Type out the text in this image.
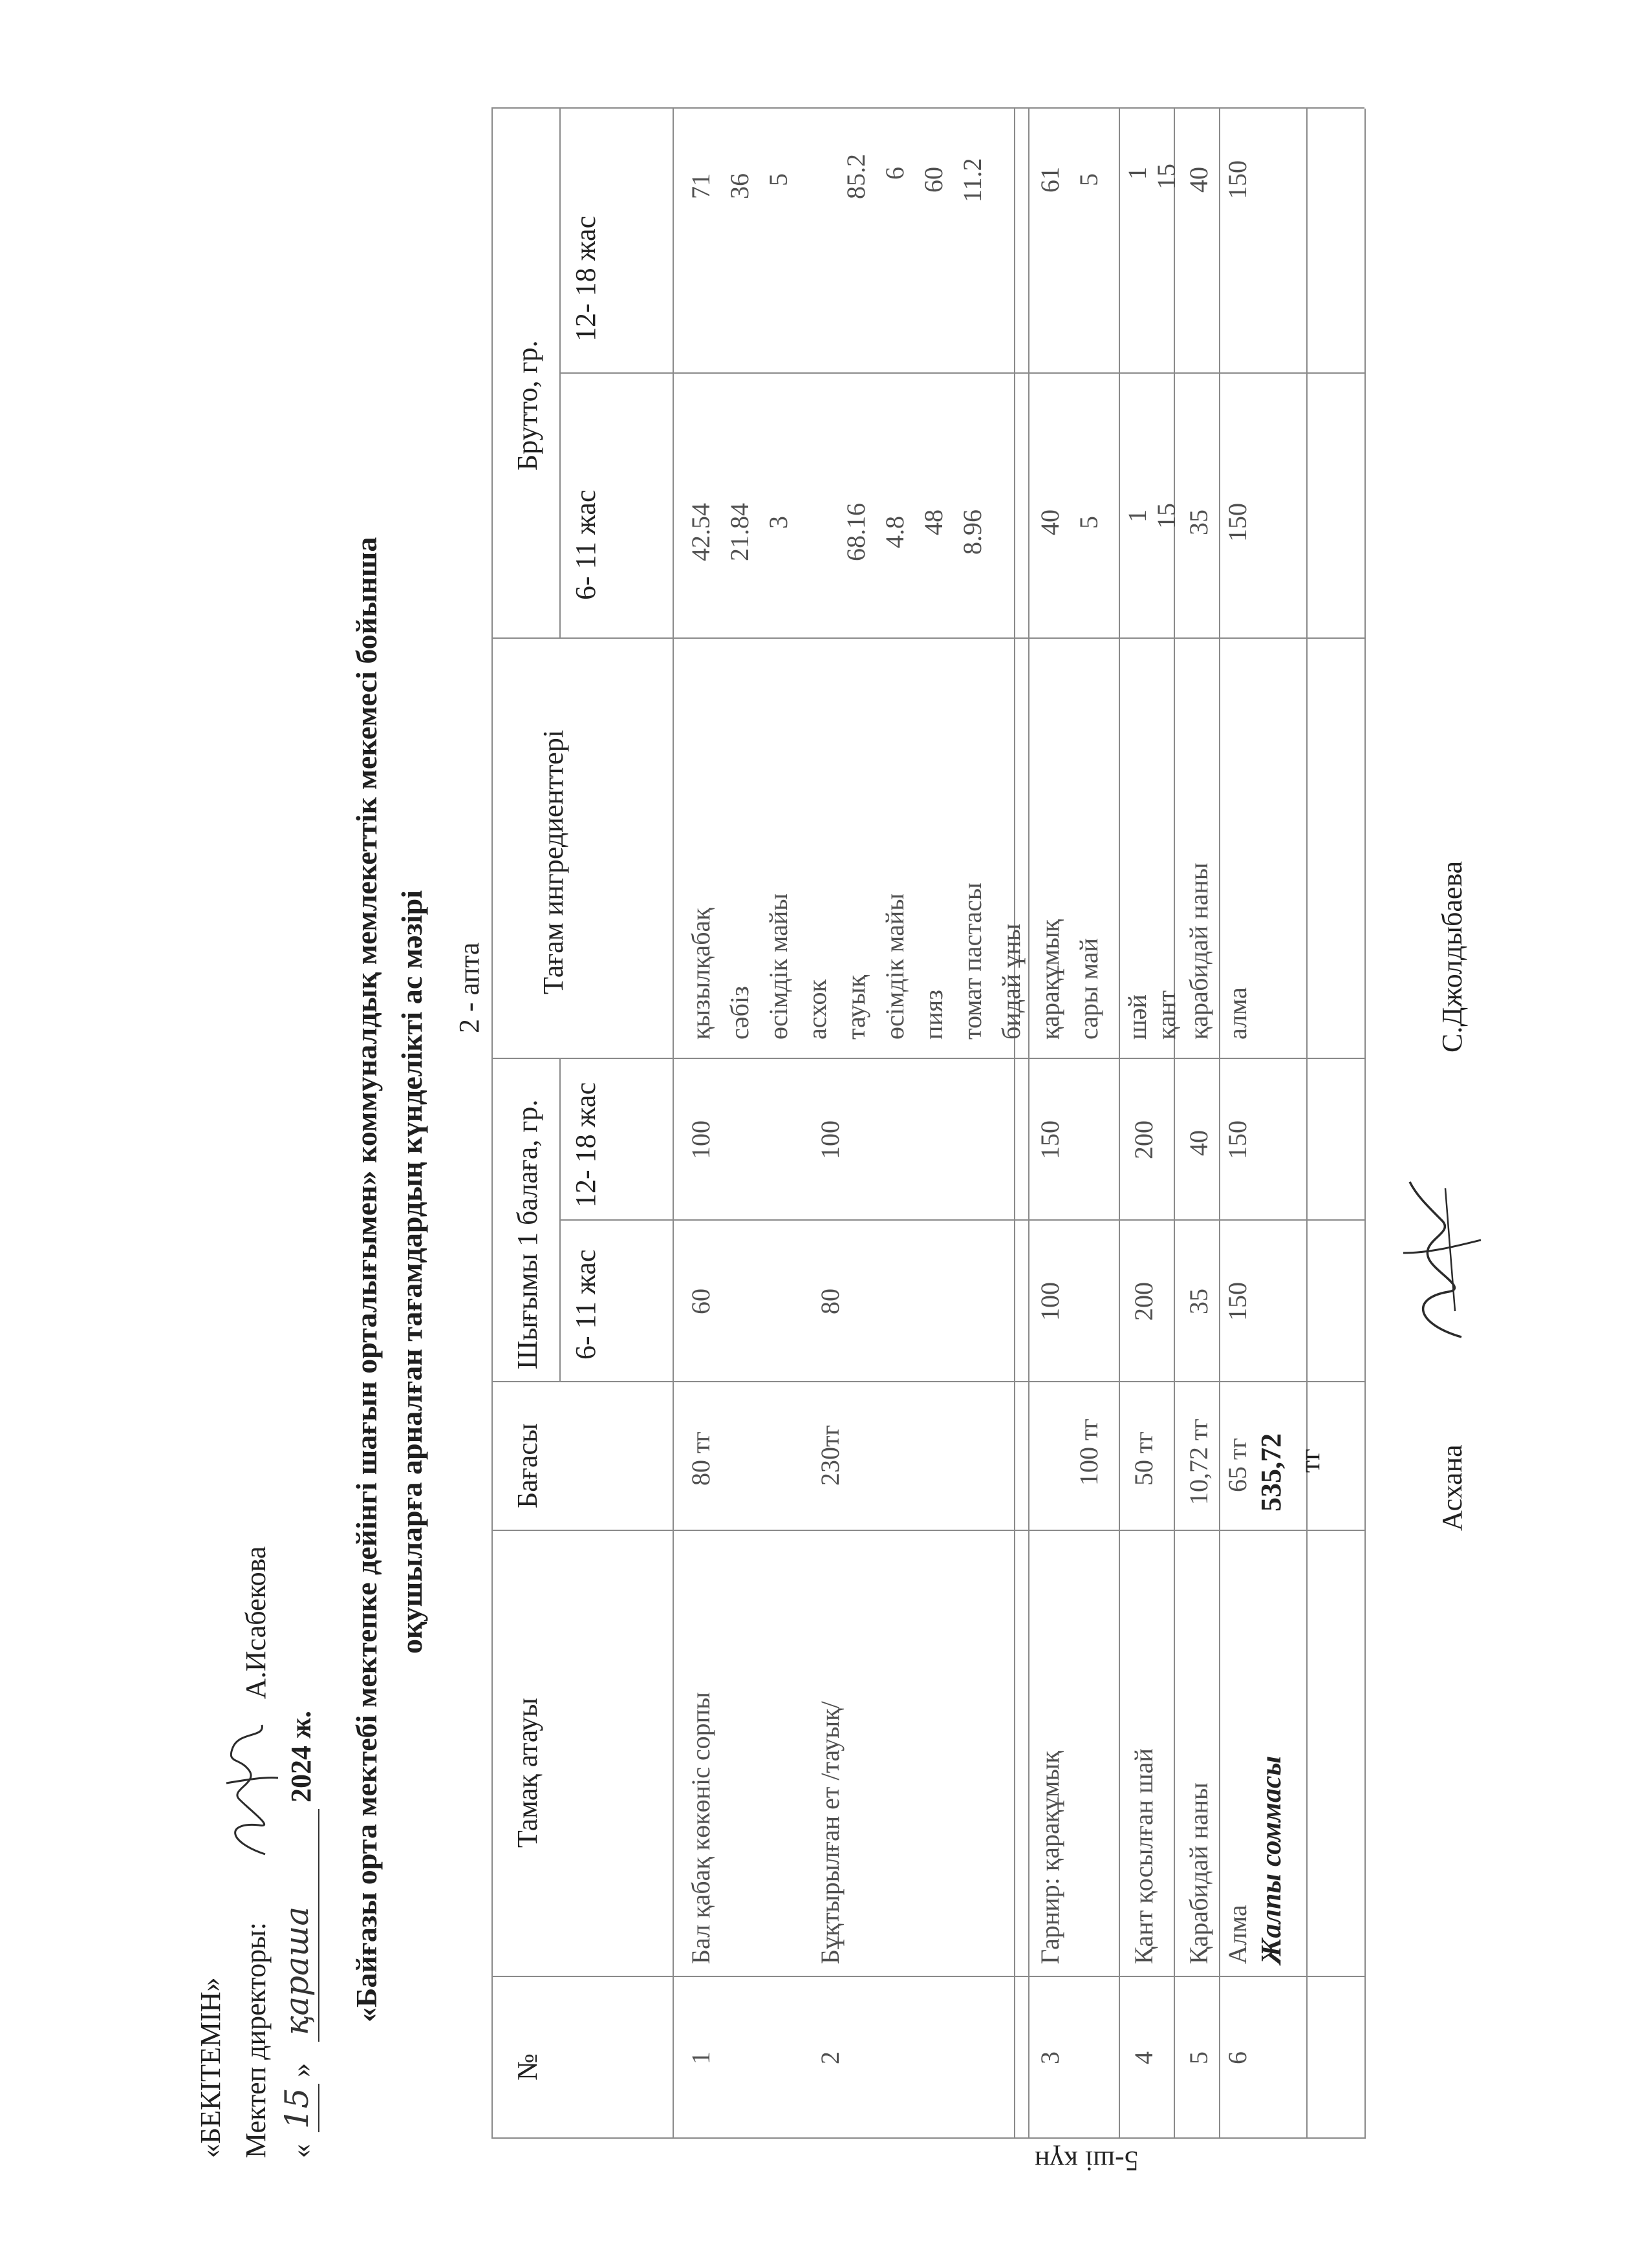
«БЕКІТЕМІН» Мектеп директоры:
А.Исабекова
«
15
»
қараша
2024 ж. «Байғазы орта мектебі мектепке дейінгі шағын орталығымен» коммуналдық мемлекеттік мекемесі бойынша оқушыларға арналған тағамдардың күнделікті ас мәзірі 2 - апта
№
Тамақ атауы
Бағасы
Шығымы 1 балаға, гр. 6- 11 жас
12- 18 жас
Тағам ингредиенттері
Брутто, гр.
6- 11 жас
12- 18 жас
1
Бал қабақ көкөніс сорпы
80 тг
60
100
қызылқабақ сәбіз өсімдік майы
42.54 21.84 3
71 36 5
2
Бұқтырылған ет /тауық/
230тг
80
100
асхок тауық өсімдік майы пияз томат пастасы бидай ұны
68.16 4.8 48 8.96
85.2 6 60 11.2
3
Гарнир: қарақұмық
100 тг
100
150
қарақұмық сары май
40 5
61 5
4
Қант қосылған шай
50 тг
200
200
шәй қант
1 15
1 15
5
Қарабидай наны
10,72 тг
35
40
қарабидай наны
35
40
6
Алма
65 тг
150
150
алма
150
150
Жалпы соммасы
535,72 тг
5-ші күн
Асхана
С.Джолдыбаева
